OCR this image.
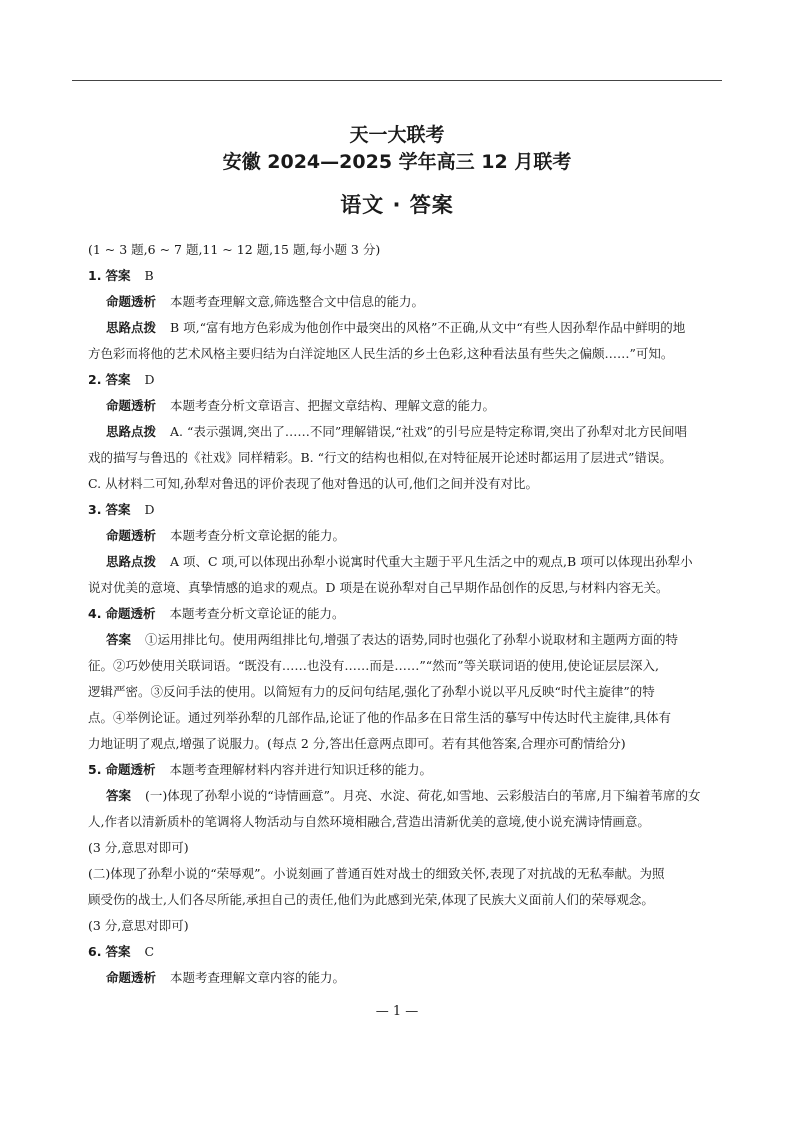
天一大联考
安徽 2024—2025 学年高三 12 月联考
语文 · 答案
(1 ~ 3 题,6 ~ 7 题,11 ~ 12 题,15 题,每小题 3 分)
1. 答案 B
命题透析 本题考查理解文意,筛选整合文中信息的能力。
思路点拨 B 项,“富有地方色彩成为他创作中最突出的风格”不正确,从文中“有些人因孙犁作品中鲜明的地
方色彩而将他的艺术风格主要归结为白洋淀地区人民生活的乡土色彩,这种看法虽有些失之偏颇……”可知。
2. 答案 D
命题透析 本题考查分析文章语言、把握文章结构、理解文意的能力。
思路点拨 A. “表示强调,突出了……不同”理解错误,“社戏”的引号应是特定称谓,突出了孙犁对北方民间唱
戏的描写与鲁迅的《社戏》同样精彩。B. “行文的结构也相似,在对特征展开论述时都运用了层进式”错误。
C. 从材料二可知,孙犁对鲁迅的评价表现了他对鲁迅的认可,他们之间并没有对比。
3. 答案 D
命题透析 本题考查分析文章论据的能力。
思路点拨 A 项、C 项,可以体现出孙犁小说寓时代重大主题于平凡生活之中的观点,B 项可以体现出孙犁小
说对优美的意境、真挚情感的追求的观点。D 项是在说孙犁对自己早期作品创作的反思,与材料内容无关。
4. 命题透析 本题考查分析文章论证的能力。
答案 ①运用排比句。使用两组排比句,增强了表达的语势,同时也强化了孙犁小说取材和主题两方面的特
征。②巧妙使用关联词语。“既没有……也没有……而是……”“然而”等关联词语的使用,使论证层层深入,
逻辑严密。③反问手法的使用。以简短有力的反问句结尾,强化了孙犁小说以平凡反映“时代主旋律”的特
点。④举例论证。通过列举孙犁的几部作品,论证了他的作品多在日常生活的摹写中传达时代主旋律,具体有
力地证明了观点,增强了说服力。(每点 2 分,答出任意两点即可。若有其他答案,合理亦可酌情给分)
5. 命题透析 本题考查理解材料内容并进行知识迁移的能力。
答案 (一)体现了孙犁小说的“诗情画意”。月亮、水淀、荷花,如雪地、云彩般洁白的苇席,月下编着苇席的女
人,作者以清新质朴的笔调将人物活动与自然环境相融合,营造出清新优美的意境,使小说充满诗情画意。
(3 分,意思对即可)
(二)体现了孙犁小说的“荣辱观”。小说刻画了普通百姓对战士的细致关怀,表现了对抗战的无私奉献。为照
顾受伤的战士,人们各尽所能,承担自己的责任,他们为此感到光荣,体现了民族大义面前人们的荣辱观念。
(3 分,意思对即可)
6. 答案 C
命题透析 本题考查理解文章内容的能力。
— 1 —
